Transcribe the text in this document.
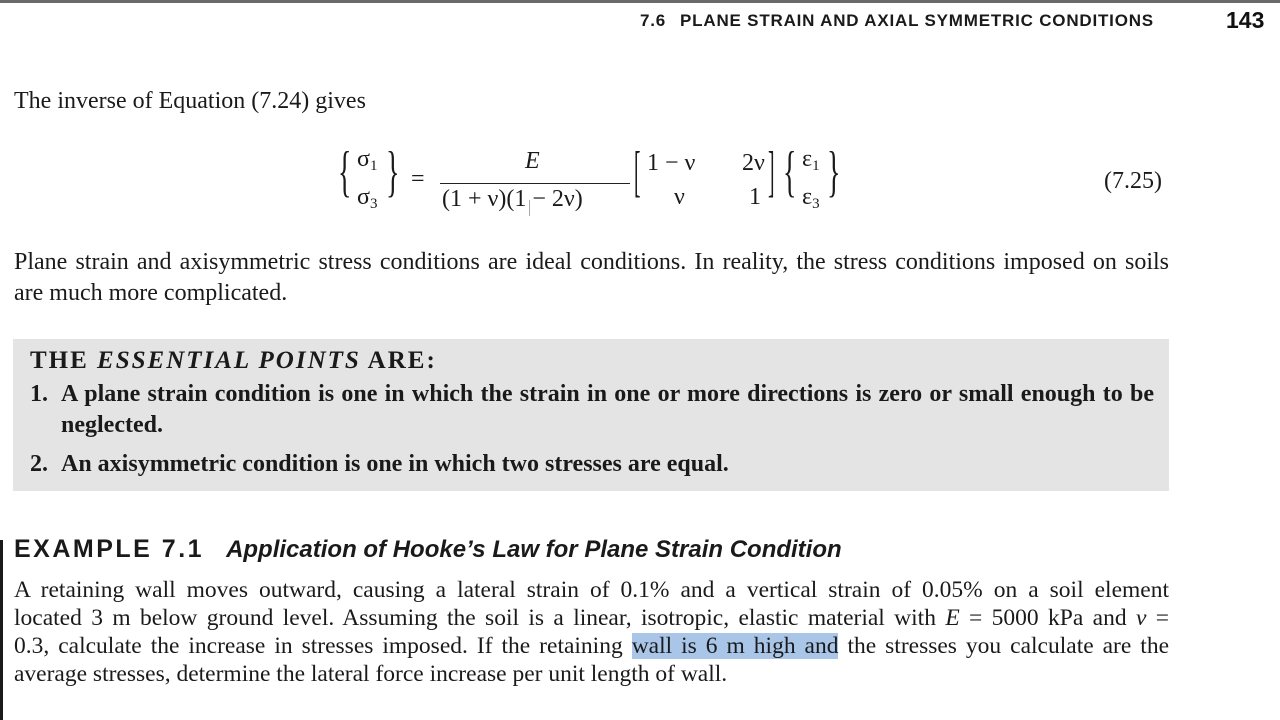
7.6 PLANE STRAIN AND AXIAL SYMMETRIC CONDITIONS	143
The inverse of Equation (7.24) gives
{ $\sigma_1$
$\sigma_3$
} =
E
(1 + ν)(1 − 2ν) [ 1 − ν 2ν
ν	1 ] { $\varepsilon_1$
$\varepsilon_3$
}	(7.25)
Plane strain and axisymmetric stress conditions are ideal conditions. In reality, the stress conditions imposed on soils are much more complicated.
THE ESSENTIAL POINTS ARE:
1. A plane strain condition is one in which the strain in one or more directions is zero or small enough to be neglected.
2. An axisymmetric condition is one in which two stresses are equal.
EXAMPLE 7.1 Application of Hooke’s Law for Plane Strain Condition
A retaining wall moves outward, causing a lateral strain of 0.1% and a vertical strain of 0.05% on a soil element
located 3 m below ground level. Assuming the soil is a linear, isotropic, elastic material with E = 5000 kPa and ν =
0.3, calculate the increase in stresses imposed. If the retaining wall is 6 m high and the stresses you calculate are the
average stresses, determine the lateral force increase per unit length of wall.
